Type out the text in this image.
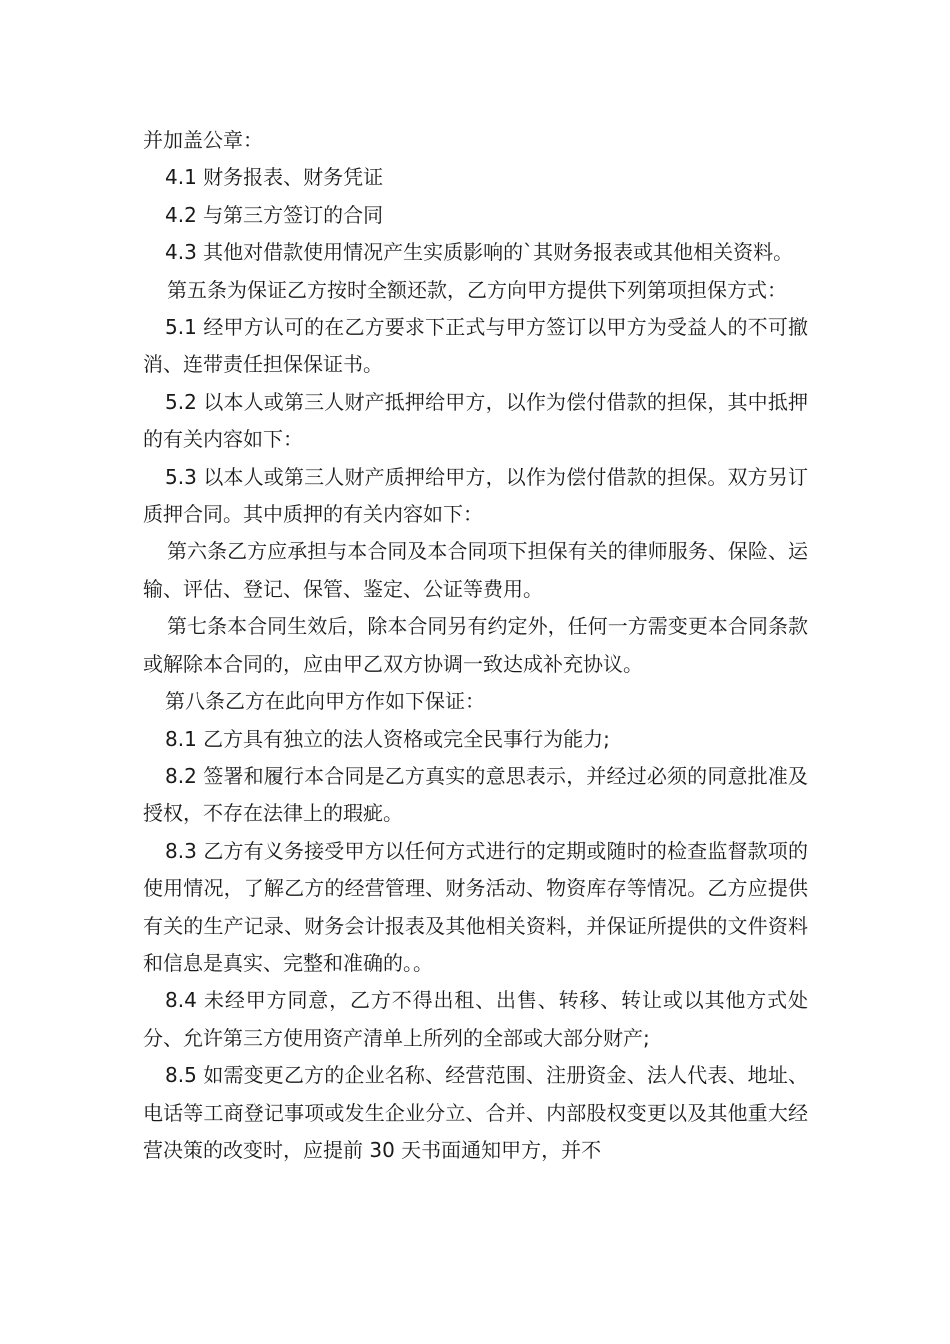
并加盖公章：

4.1 财务报表、财务凭证

4.2 与第三方签订的合同

4.3 其他对借款使用情况产生实质影响的`其财务报表或其他相关资料。

第五条为保证乙方按时全额还款，乙方向甲方提供下列第项担保方式：

5.1 经甲方认可的在乙方要求下正式与甲方签订以甲方为受益人的不可撤消、连带责任担保保证书。

5.2 以本人或第三人财产抵押给甲方，以作为偿付借款的担保，其中抵押的有关内容如下：

5.3 以本人或第三人财产质押给甲方，以作为偿付借款的担保。双方另订质押合同。其中质押的有关内容如下：

第六条乙方应承担与本合同及本合同项下担保有关的律师服务、保险、运输、评估、登记、保管、鉴定、公证等费用。

第七条本合同生效后，除本合同另有约定外，任何一方需变更本合同条款或解除本合同的，应由甲乙双方协调一致达成补充协议。

第八条乙方在此向甲方作如下保证：

8.1 乙方具有独立的法人资格或完全民事行为能力;

8.2 签署和履行本合同是乙方真实的意思表示，并经过必须的同意批准及授权，不存在法律上的瑕疵。

8.3 乙方有义务接受甲方以任何方式进行的定期或随时的检查监督款项的使用情况，了解乙方的经营管理、财务活动、物资库存等情况。乙方应提供有关的生产记录、财务会计报表及其他相关资料，并保证所提供的文件资料和信息是真实、完整和准确的。。

8.4 未经甲方同意，乙方不得出租、出售、转移、转让或以其他方式处分、允许第三方使用资产清单上所列的全部或大部分财产;

8.5 如需变更乙方的企业名称、经营范围、注册资金、法人代表、地址、电话等工商登记事项或发生企业分立、合并、内部股权变更以及其他重大经营决策的改变时，应提前 30 天书面通知甲方，并不
